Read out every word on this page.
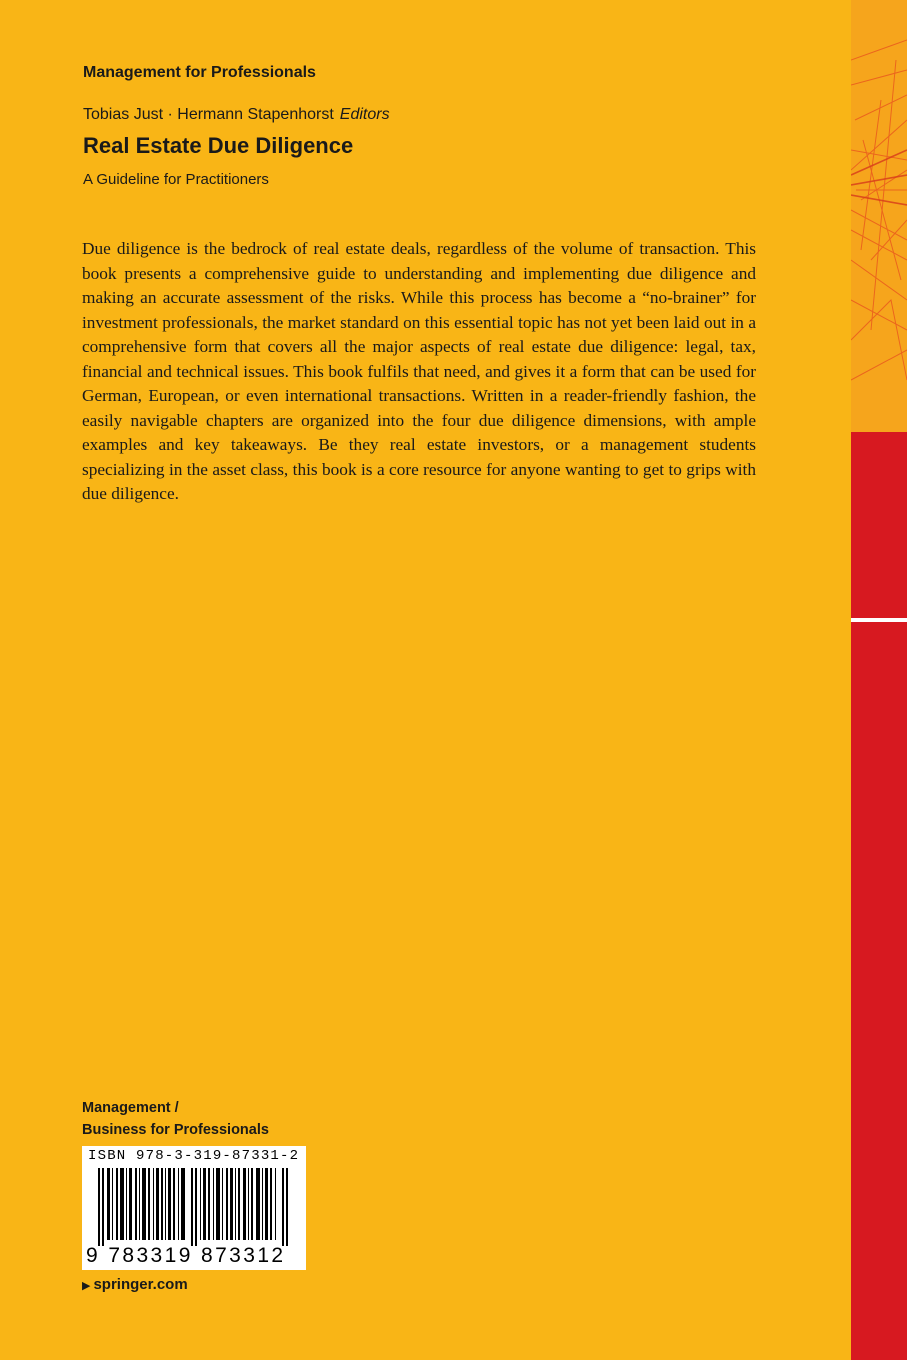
Management for Professionals
Tobias Just · Hermann Stapenhorst Editors
Real Estate Due Diligence
A Guideline for Practitioners

Due diligence is the bedrock of real estate deals, regardless of the volume of transaction. This book presents a comprehensive guide to understanding and implementing due diligence and making an accurate assessment of the risks. While this process has become a “no-brainer” for investment professionals, the market standard on this essential topic has not yet been laid out in a comprehensive form that covers all the major aspects of real estate due diligence: legal, tax, financial and technical issues. This book fulfils that need, and gives it a form that can be used for German, European, or even international transactions. Written in a reader-friendly fashion, the easily navigable chapters are organized into the four due diligence dimensions, with ample examples and key takeaways. Be they real estate investors, or a management students specializing in the asset class, this book is a core resource for anyone wanting to get to grips with due diligence.

Management /
Business for Professionals
ISBN 978-3-319-87331-2
9 783319 873312
▶ springer.com
